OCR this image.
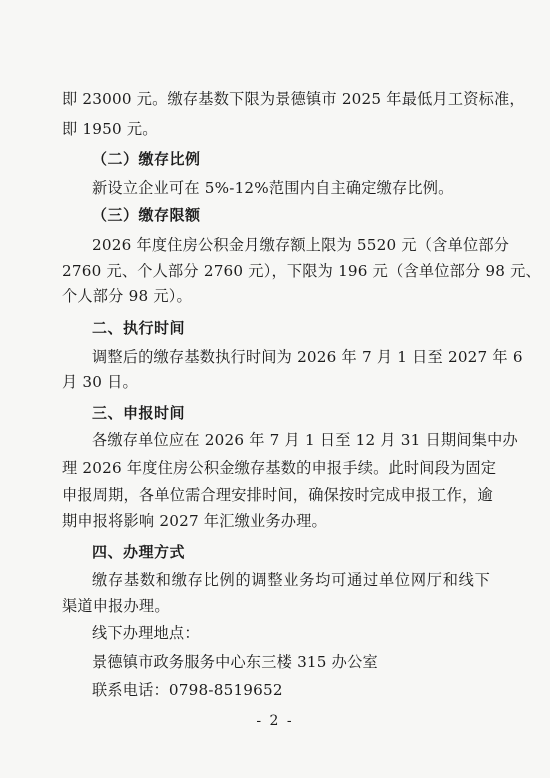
即 23000 元。缴存基数下限为景德镇市 2025 年最低月工资标准，
即 1950 元。
（二）缴存比例
新设立企业可在 5%-12%范围内自主确定缴存比例。
（三）缴存限额
2026 年度住房公积金月缴存额上限为 5520 元（含单位部分
2760 元、个人部分 2760 元），下限为 196 元（含单位部分 98 元、
个人部分 98 元）。
二、执行时间
调整后的缴存基数执行时间为 2026 年 7 月 1 日至 2027 年 6
月 30 日。
三、申报时间
各缴存单位应在 2026 年 7 月 1 日至 12 月 31 日期间集中办
理 2026 年度住房公积金缴存基数的申报手续。此时间段为固定
申报周期，各单位需合理安排时间，确保按时完成申报工作，逾
期申报将影响 2027 年汇缴业务办理。
四、办理方式
缴存基数和缴存比例的调整业务均可通过单位网厅和线下
渠道申报办理。
线下办理地点：
景德镇市政务服务中心东三楼 315 办公室
联系电话：0798-8519652
- 2 -
